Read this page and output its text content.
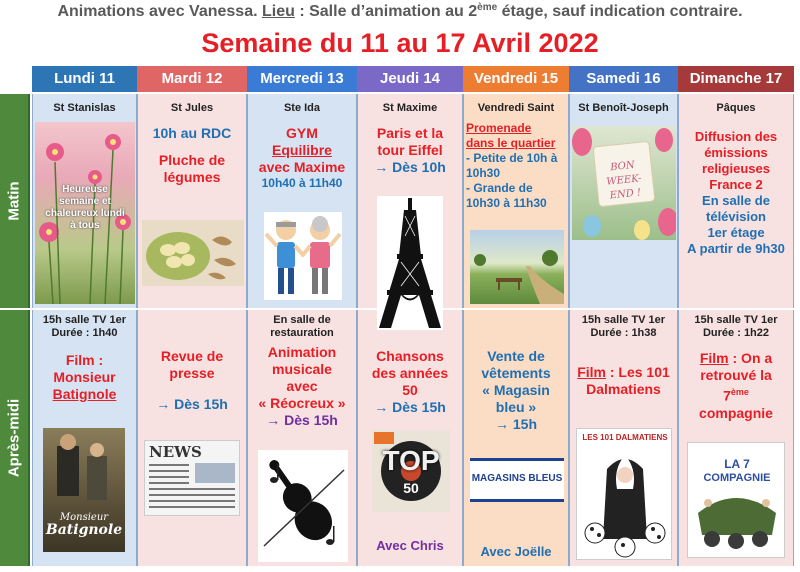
Animations avec Vanessa. Lieu : Salle d’animation au 2ème étage, sauf indication contraire.
Semaine du 11 au 17 Avril 2022
Matin
Après-midi
Lundi 11
St Stanislas
Heureuse
semaine et
chaleureux lundi
à tous
15h salle TV 1er
Durée : 1h40
Film :
Monsieur
Batignole
Monsieur
Batignole
Mardi 12
St Jules
10h au RDC
Pluche de
légumes
Revue de
presse
→ Dès 15h
NEWS
Mercredi 13
Ste Ida
GYM
Equilibre
avec Maxime
10h40 à 11h40
En salle de
restauration
Animation
musicale
avec
« Réocreux »
→ Dès 15h
Jeudi 14
St Maxime
Paris et la
tour Eiffel
→ Dès 10h
Chansons
des années
50
→ Dès 15h
TOP
50
Avec Chris
Vendredi 15
Vendredi Saint
Promenade
dans le quartier
- Petite de 10h à
10h30
- Grande de
10h30 à 11h30
Vente de
vêtements
« Magasin
bleu »
→ 15h
MAGASINS BLEUS
Avec Joëlle
Samedi 16
St Benoît-Joseph
BON
WEEK-END !
15h salle TV 1er
Durée : 1h38
Film : Les 101
Dalmatiens
LES 101 DALMATIENS
Dimanche 17
Pâques
Diffusion des
émissions
religieuses
France 2
En salle de
télévision
1er étage
A partir de 9h30
15h salle TV 1er
Durée : 1h22
Film : On a
retrouvé la
7ème
compagnie
LA 7
COMPAGNIE
